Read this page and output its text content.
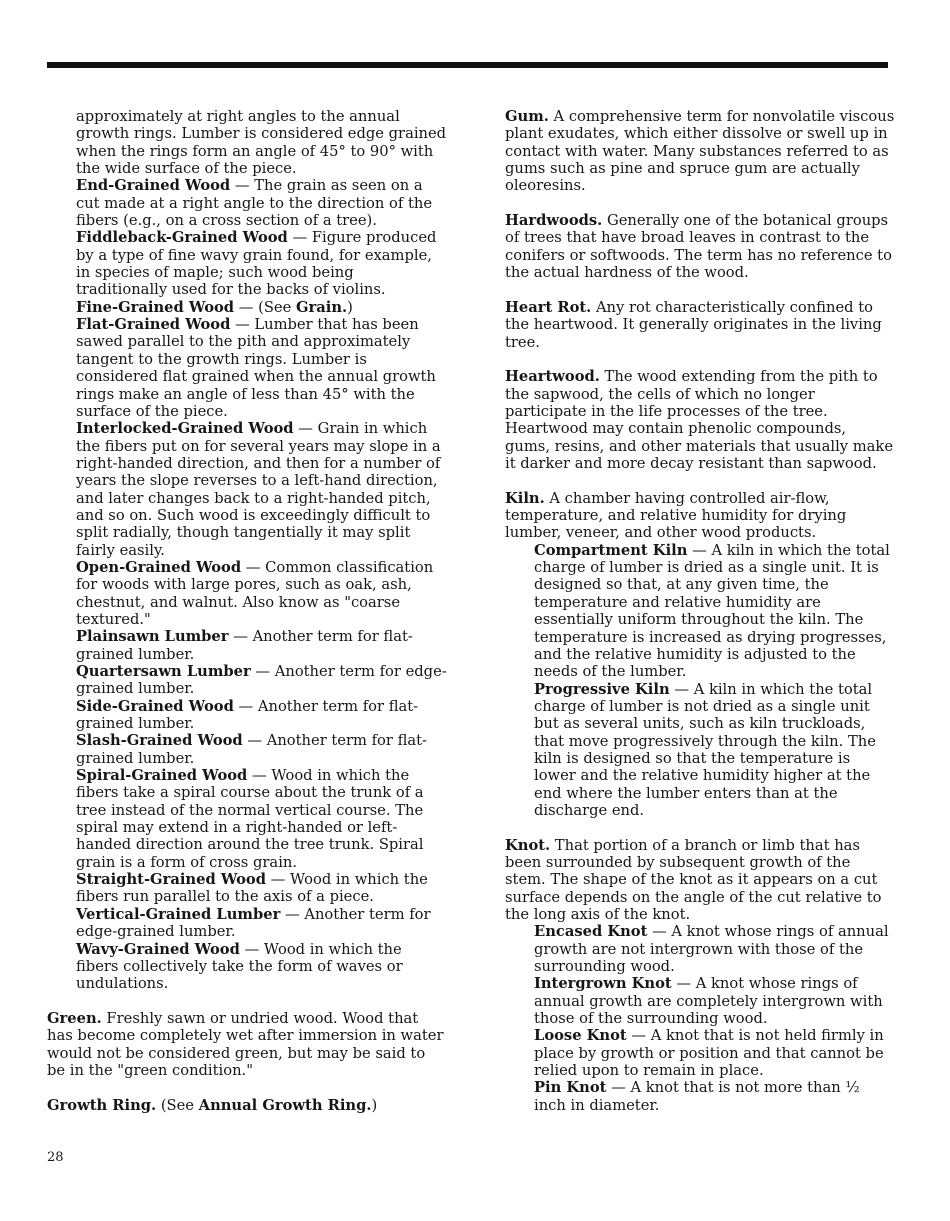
approximately at right angles to the annual growth rings. Lumber is considered edge grained when the rings form an angle of 45° to 90° with the wide surface of the piece.

End-Grained Wood — The grain as seen on a cut made at a right angle to the direction of the fibers (e.g., on a cross section of a tree).

Fiddleback-Grained Wood — Figure produced by a type of fine wavy grain found, for example, in species of maple; such wood being traditionally used for the backs of violins.

Fine-Grained Wood — (See Grain.)

Flat-Grained Wood — Lumber that has been sawed parallel to the pith and approximately tangent to the growth rings. Lumber is considered flat grained when the annual growth rings make an angle of less than 45° with the surface of the piece.

Interlocked-Grained Wood — Grain in which the fibers put on for several years may slope in a right-handed direction, and then for a number of years the slope reverses to a left-hand direction, and later changes back to a right-handed pitch, and so on. Such wood is exceedingly difficult to split radially, though tangentially it may split fairly easily.

Open-Grained Wood — Common classification for woods with large pores, such as oak, ash, chestnut, and walnut. Also know as "coarse textured."

Plainsawn Lumber — Another term for flat-grained lumber.

Quartersawn Lumber — Another term for edge-grained lumber.

Side-Grained Wood — Another term for flat-grained lumber.

Slash-Grained Wood — Another term for flat-grained lumber.

Spiral-Grained Wood — Wood in which the fibers take a spiral course about the trunk of a tree instead of the normal vertical course. The spiral may extend in a right-handed or left-handed direction around the tree trunk. Spiral grain is a form of cross grain.

Straight-Grained Wood — Wood in which the fibers run parallel to the axis of a piece.

Vertical-Grained Lumber — Another term for edge-grained lumber.

Wavy-Grained Wood — Wood in which the fibers collectively take the form of waves or undulations.

Green. Freshly sawn or undried wood. Wood that has become completely wet after immersion in water would not be considered green, but may be said to be in the "green condition."

Growth Ring. (See Annual Growth Ring.)

Gum. A comprehensive term for nonvolatile viscous plant exudates, which either dissolve or swell up in contact with water. Many substances referred to as gums such as pine and spruce gum are actually oleoresins.

Hardwoods. Generally one of the botanical groups of trees that have broad leaves in contrast to the conifers or softwoods. The term has no reference to the actual hardness of the wood.

Heart Rot. Any rot characteristically confined to the heartwood. It generally originates in the living tree.

Heartwood. The wood extending from the pith to the sapwood, the cells of which no longer participate in the life processes of the tree. Heartwood may contain phenolic compounds, gums, resins, and other materials that usually make it darker and more decay resistant than sapwood.

Kiln. A chamber having controlled air-flow, temperature, and relative humidity for drying lumber, veneer, and other wood products.

Compartment Kiln — A kiln in which the total charge of lumber is dried as a single unit. It is designed so that, at any given time, the temperature and relative humidity are essentially uniform throughout the kiln. The temperature is increased as drying progresses, and the relative humidity is adjusted to the needs of the lumber.

Progressive Kiln — A kiln in which the total charge of lumber is not dried as a single unit but as several units, such as kiln truckloads, that move progressively through the kiln. The kiln is designed so that the temperature is lower and the relative humidity higher at the end where the lumber enters than at the discharge end.

Knot. That portion of a branch or limb that has been surrounded by subsequent growth of the stem. The shape of the knot as it appears on a cut surface depends on the angle of the cut relative to the long axis of the knot.

Encased Knot — A knot whose rings of annual growth are not intergrown with those of the surrounding wood.

Intergrown Knot — A knot whose rings of annual growth are completely intergrown with those of the surrounding wood.

Loose Knot — A knot that is not held firmly in place by growth or position and that cannot be relied upon to remain in place.

Pin Knot — A knot that is not more than ½ inch in diameter.

28
